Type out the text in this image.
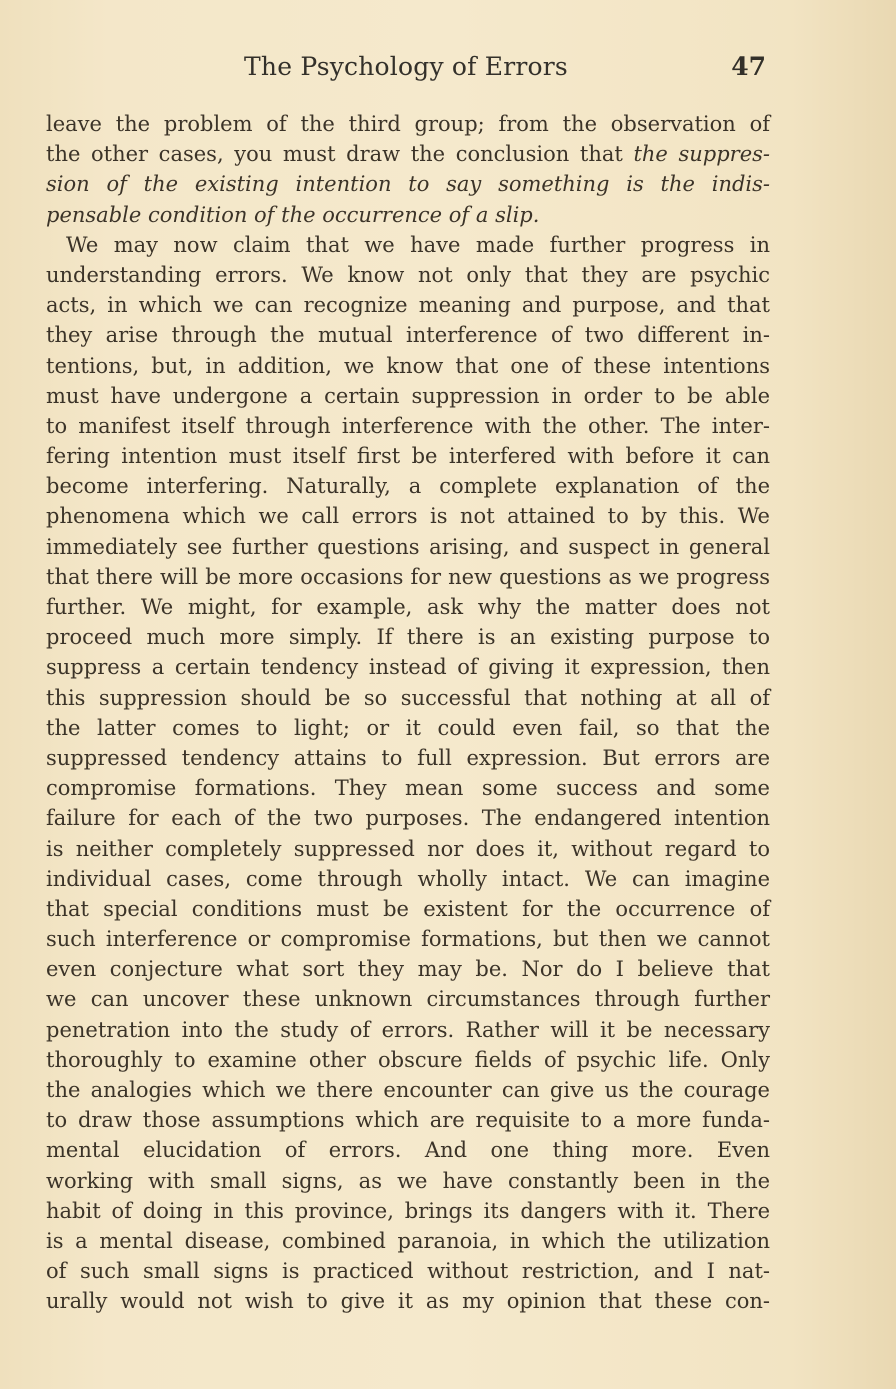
The Psychology of Errors	47
leave the problem of the third group; from the observation of
the other cases, you must draw the conclusion that the suppres-
sion of the existing intention to say something is the indis-
pensable condition of the occurrence of a slip.
We may now claim that we have made further progress in
understanding errors. We know not only that they are psychic
acts, in which we can recognize meaning and purpose, and that
they arise through the mutual interference of two different in-
tentions, but, in addition, we know that one of these intentions
must have undergone a certain suppression in order to be able
to manifest itself through interference with the other. The inter-
fering intention must itself first be interfered with before it can
become interfering. Naturally, a complete explanation of the
phenomena which we call errors is not attained to by this. We
immediately see further questions arising, and suspect in general
that there will be more occasions for new questions as we progress
further. We might, for example, ask why the matter does not
proceed much more simply. If there is an existing purpose to
suppress a certain tendency instead of giving it expression, then
this suppression should be so successful that nothing at all of
the latter comes to light; or it could even fail, so that the
suppressed tendency attains to full expression. But errors are
compromise formations. They mean some success and some
failure for each of the two purposes. The endangered intention
is neither completely suppressed nor does it, without regard to
individual cases, come through wholly intact. We can imagine
that special conditions must be existent for the occurrence of
such interference or compromise formations, but then we cannot
even conjecture what sort they may be. Nor do I believe that
we can uncover these unknown circumstances through further
penetration into the study of errors. Rather will it be necessary
thoroughly to examine other obscure fields of psychic life. Only
the analogies which we there encounter can give us the courage
to draw those assumptions which are requisite to a more funda-
mental elucidation of errors. And one thing more. Even
working with small signs, as we have constantly been in the
habit of doing in this province, brings its dangers with it. There
is a mental disease, combined paranoia, in which the utilization
of such small signs is practiced without restriction, and I nat-
urally would not wish to give it as my opinion that these con-
